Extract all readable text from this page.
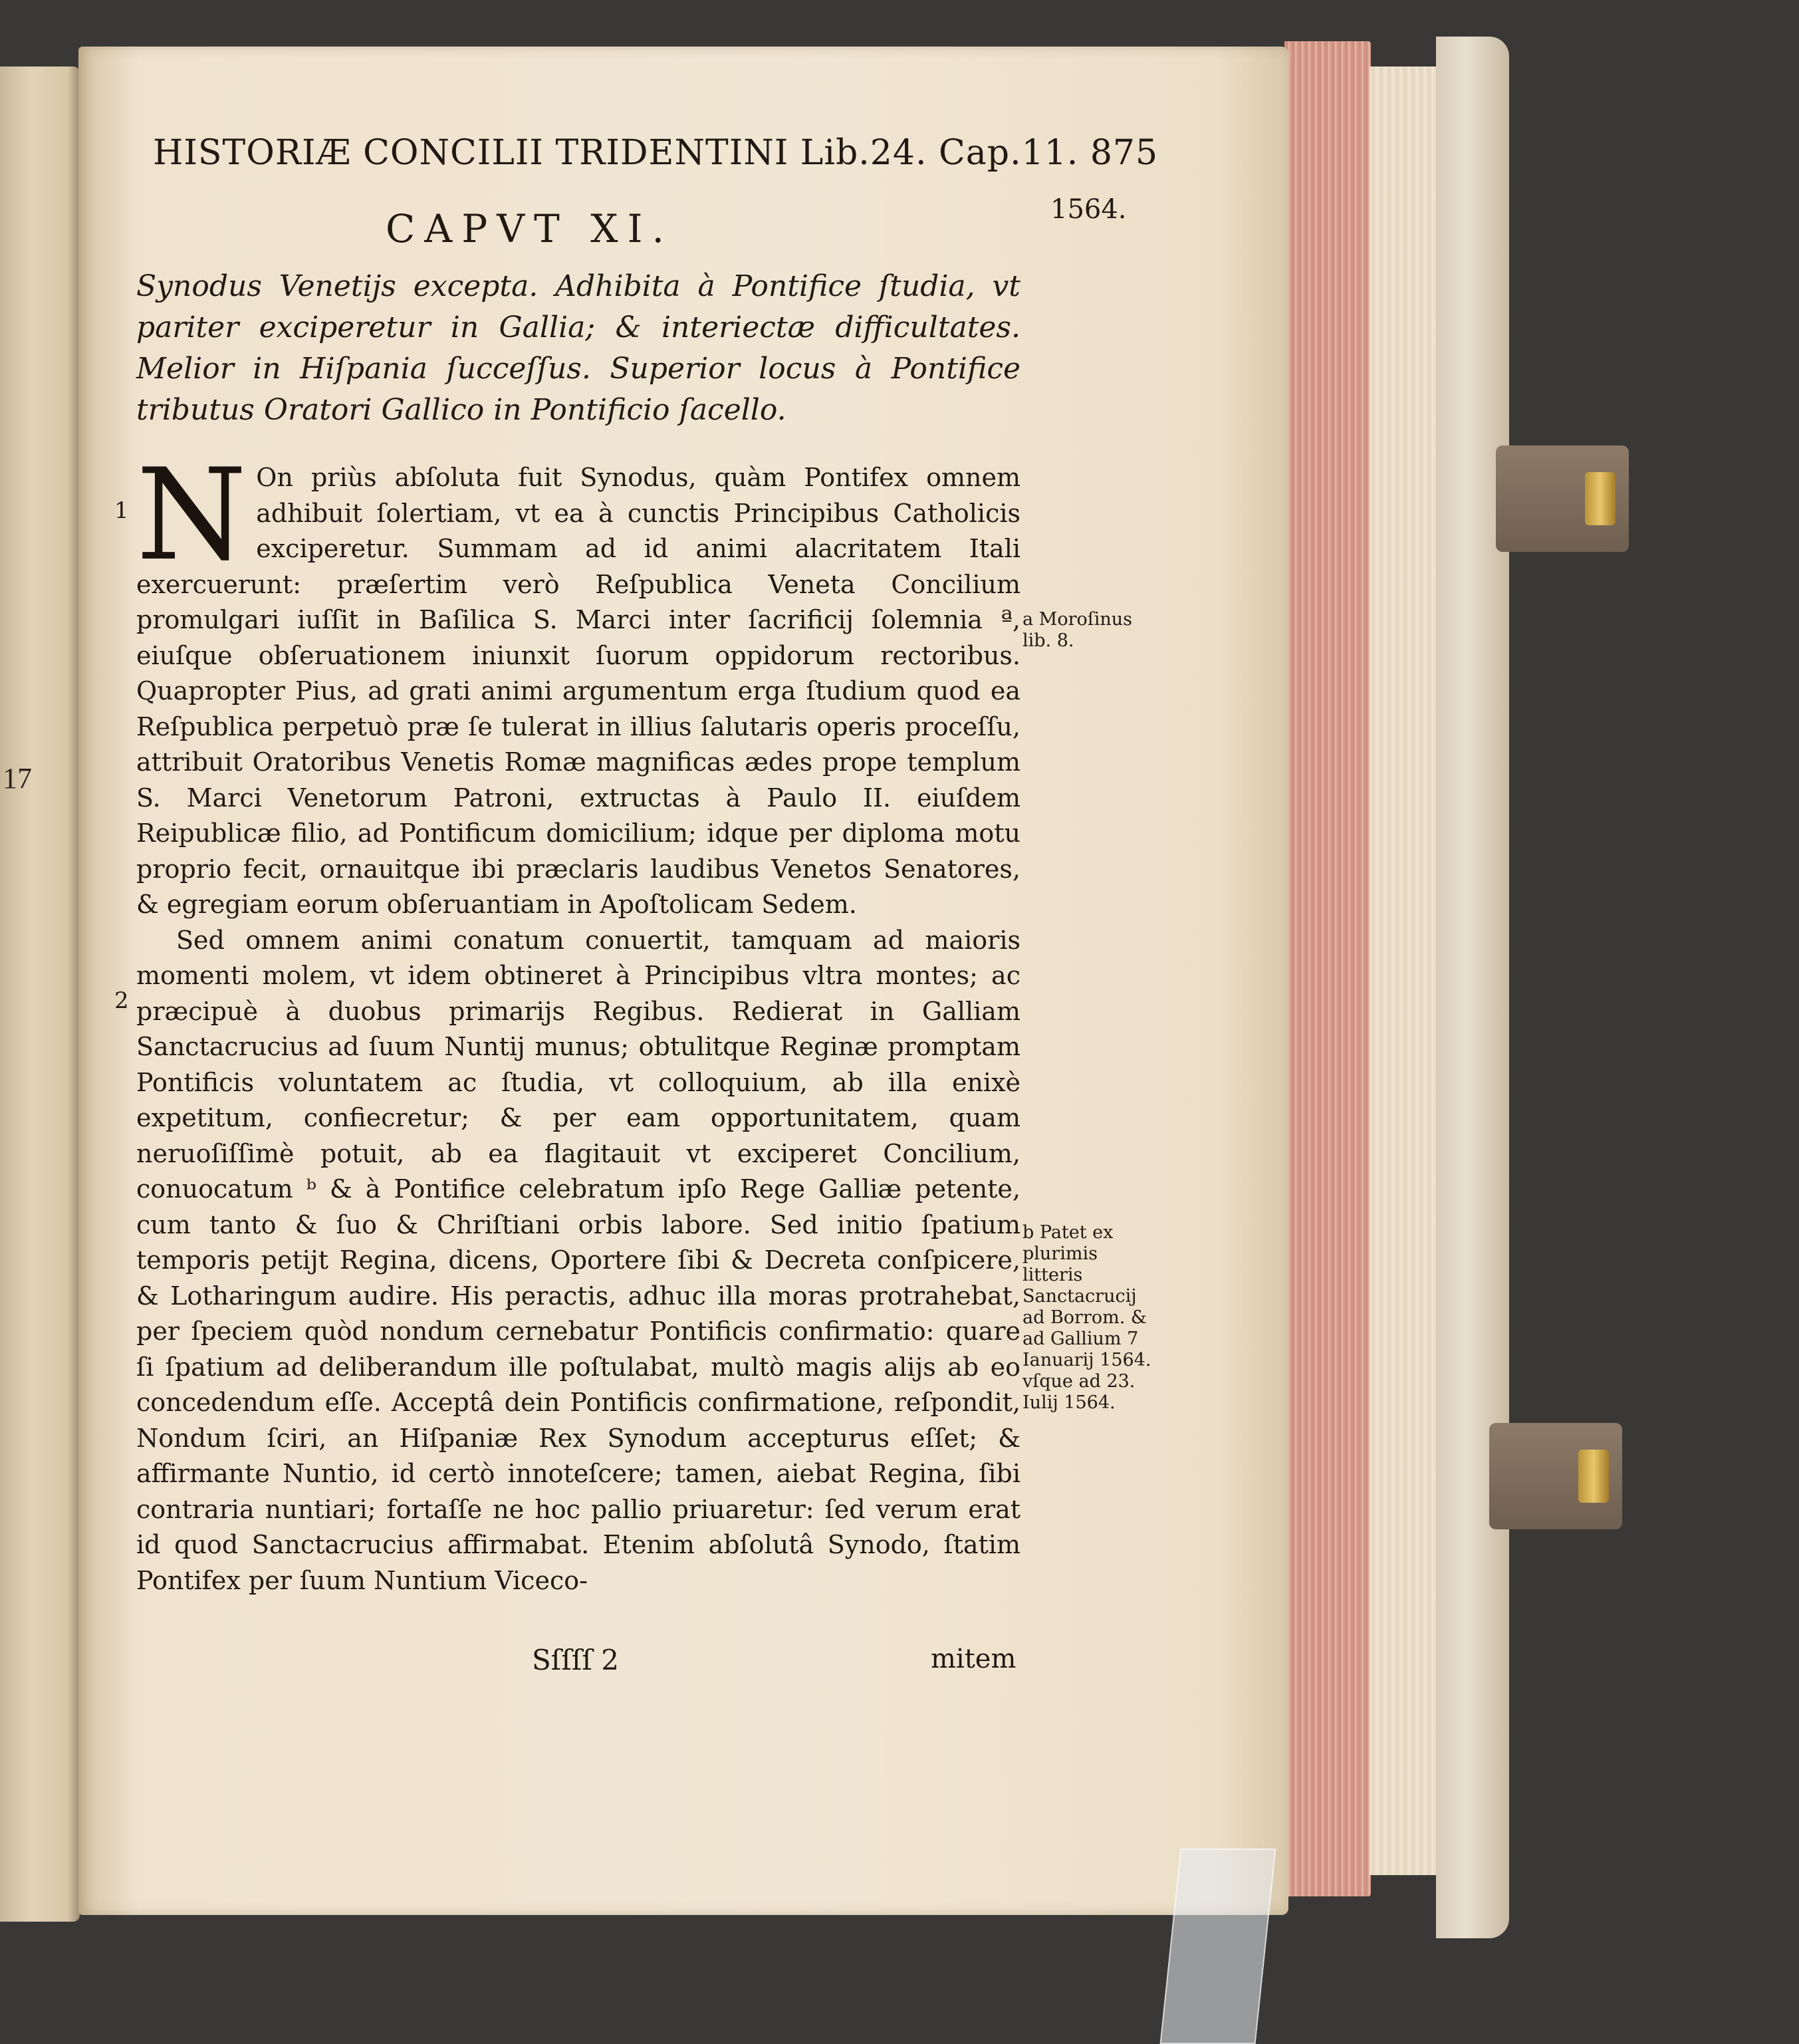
17
HISTORIÆ CONCILII TRIDENTINI Lib.24. Cap.11. 875
1564.
CAPVT XI.
Synodus Venetijs excepta. Adhibita à Pontifice ſtudia, vt pariter exciperetur in Gallia; & interiectæ difficultates. Melior in Hiſpania ſucceſſus. Superior locus à Pontifice tributus Oratori Gallico in Pontificio ſacello.

N On priùs abſoluta fuit Synodus, quàm Pontifex omnem adhibuit ſolertiam, vt ea à cunctis Principibus Catholicis exciperetur. Summam ad id animi alacritatem Itali exercuerunt: præſertim verò Reſpublica Veneta Concilium promulgari iuſſit in Baſilica S. Marci inter ſacrificij ſolemnia ª, eiuſque obſeruationem iniunxit ſuorum oppidorum rectoribus. Quapropter Pius, ad grati animi argumentum erga ſtudium quod ea Reſpublica perpetuò præ ſe tulerat in illius ſalutaris operis proceſſu, attribuit Oratoribus Venetis Romæ magnificas ædes prope templum S. Marci Venetorum Patroni, extructas à Paulo II. eiuſdem Reipublicæ filio, ad Pontificum domicilium; idque per diploma motu proprio fecit, ornauitque ibi præclaris laudibus Venetos Senatores, & egregiam eorum obſeruantiam in Apoſtolicam Sedem.

Sed omnem animi conatum conuertit, tamquam ad maioris momenti molem, vt idem obtineret à Principibus vltra montes; ac præcipuè à duobus primarijs Regibus. Redierat in Galliam Sanctacrucius ad ſuum Nuntij munus; obtulitque Reginæ promptam Pontificis voluntatem ac ſtudia, vt colloquium, ab illa enixè expetitum, confiecretur; & per eam opportunitatem, quam neruoſiſſimè potuit, ab ea flagitauit vt exciperet Concilium, conuocatum ᵇ & à Pontifice celebratum ipſo Rege Galliæ petente, cum tanto & ſuo & Chriſtiani orbis labore. Sed initio ſpatium temporis petijt Regina, dicens, Oportere ſibi & Decreta conſpicere, & Lotharingum audire. His peractis, adhuc illa moras protrahebat, per ſpeciem quòd nondum cernebatur Pontificis confirmatio: quare ſi ſpatium ad deliberandum ille poſtulabat, multò magis alijs ab eo concedendum eſſe. Acceptâ dein Pontificis confirmatione, reſpondit, Nondum ſciri, an Hiſpaniæ Rex Synodum accepturus eſſet; & affirmante Nuntio, id certò innoteſcere; tamen, aiebat Regina, ſibi contraria nuntiari; fortaſſe ne hoc pallio priuaretur: ſed verum erat id quod Sanctacrucius affirmabat. Etenim abſolutâ Synodo, ſtatim Pontifex per ſuum Nuntium Viceco-

1
2
a Moroſinus lib. 8.
b Patet ex plurimis litteris Sanctacrucij ad Borrom. & ad Gallium 7 Ianuarij 1564. vſque ad 23. Iulij 1564.
Sſſſſ 2	mitem
